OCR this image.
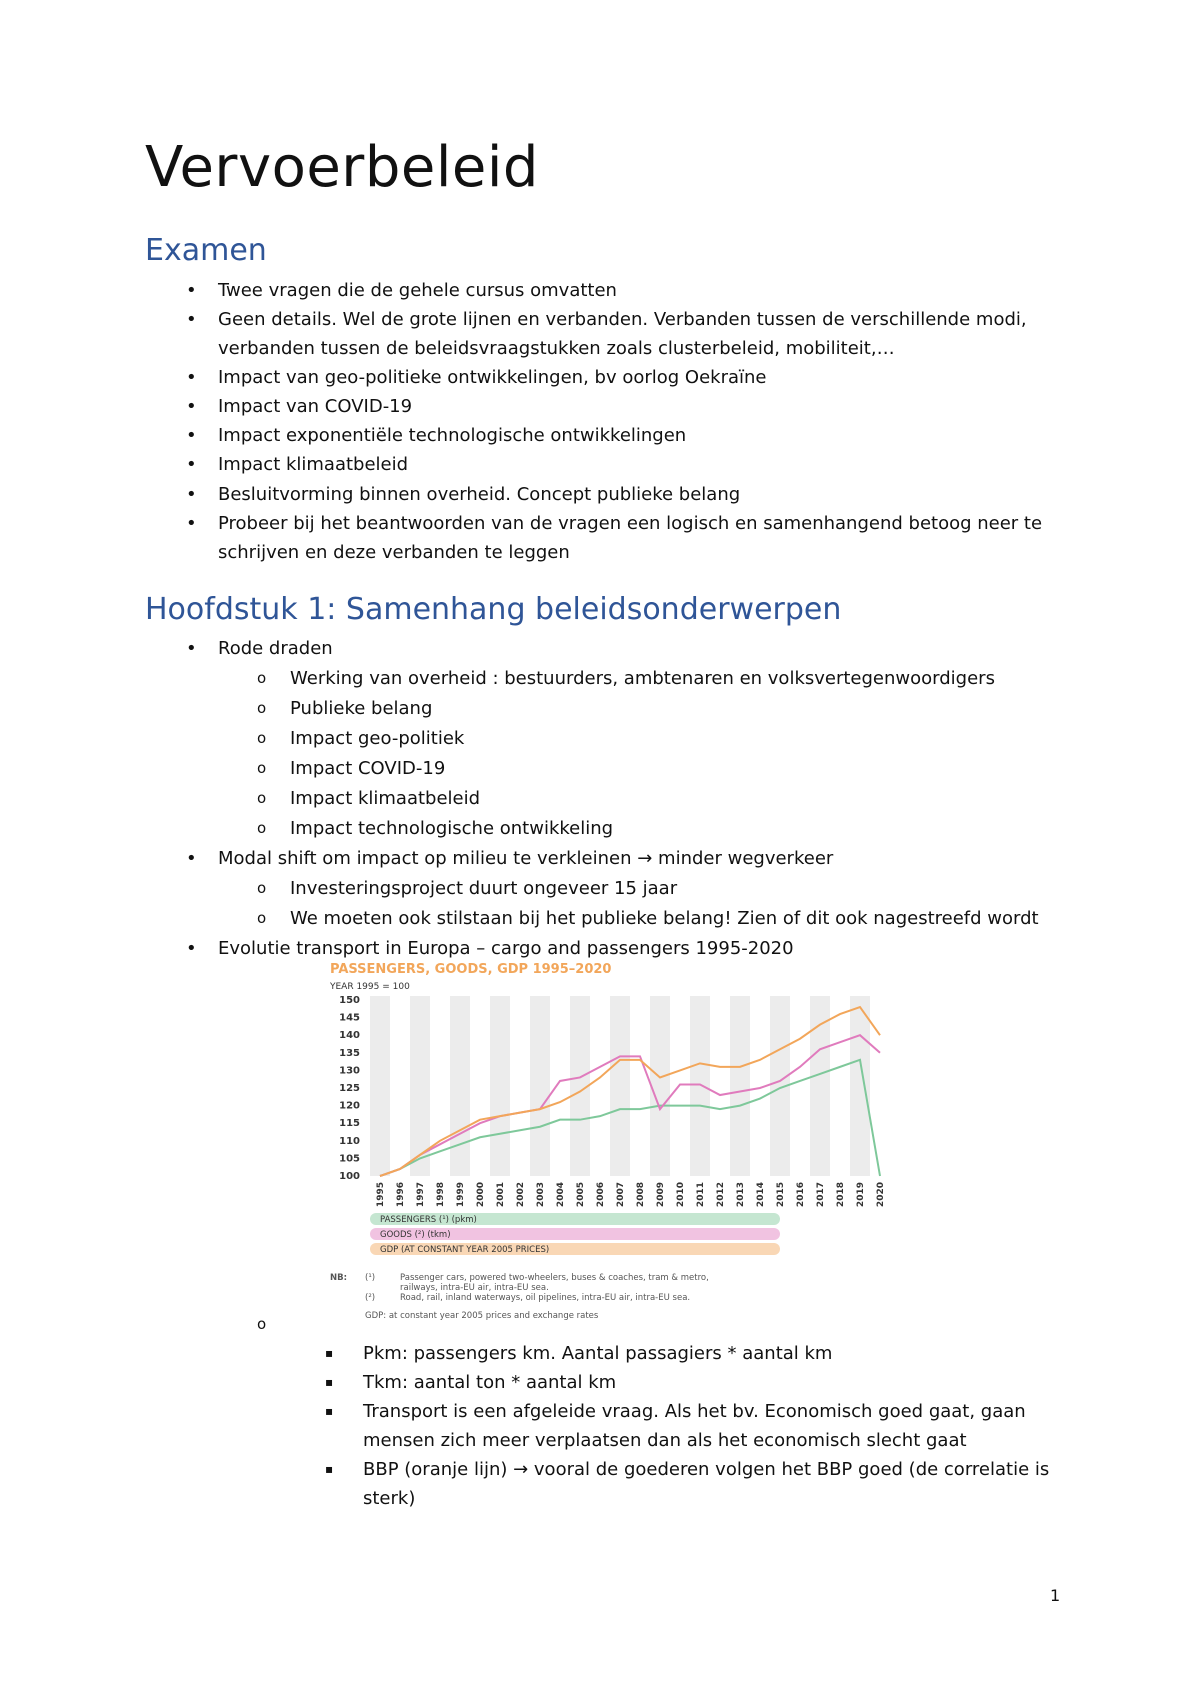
Vervoerbeleid
Examen
• Twee vragen die de gehele cursus omvatten
• Geen details. Wel de grote lijnen en verbanden. Verbanden tussen de verschillende modi,
verbanden tussen de beleidsvraagstukken zoals clusterbeleid, mobiliteit,…
• Impact van geo-politieke ontwikkelingen, bv oorlog Oekraïne
• Impact van COVID-19
• Impact exponentiële technologische ontwikkelingen
• Impact klimaatbeleid
• Besluitvorming binnen overheid. Concept publieke belang
• Probeer bij het beantwoorden van de vragen een logisch en samenhangend betoog neer te
schrijven en deze verbanden te leggen
Hoofdstuk 1: Samenhang beleidsonderwerpen
• Rode draden
o Werking van overheid : bestuurders, ambtenaren en volksvertegenwoordigers
o Publieke belang
o Impact geo-politiek
o Impact COVID-19
o Impact klimaatbeleid
o Impact technologische ontwikkeling
• Modal shift om impact op milieu te verkleinen → minder wegverkeer
o Investeringsproject duurt ongeveer 15 jaar
o We moeten ook stilstaan bij het publieke belang! Zien of dit ook nagestreefd wordt
• Evolutie transport in Europa – cargo and passengers 1995-2020
PASSENGERS, GOODS, GDP 1995–2020
YEAR 1995 = 100
100
105
110
115
120
125
130
135
140
145
150
1995 1996 1997 1998 1999 2000 2001 2002 2003 2004 2005 2006 2007 2008 2009 2010 2011 2012 2013 2014 2015 2016 2017 2018 2019 2020
PASSENGERS (¹) (pkm)
GOODS (²) (tkm)
GDP (AT CONSTANT YEAR 2005 PRICES)
NB: (¹)	Passenger cars, powered two-wheelers, buses & coaches, tram & metro,
railways, intra-EU air, intra-EU sea.
(²)	Road, rail, inland waterways, oil pipelines, intra-EU air, intra-EU sea.
GDP: at constant year 2005 prices and exchange rates
o
▪ Pkm: passengers km. Aantal passagiers * aantal km
▪ Tkm: aantal ton * aantal km
▪ Transport is een afgeleide vraag. Als het bv. Economisch goed gaat, gaan
mensen zich meer verplaatsen dan als het economisch slecht gaat
▪ BBP (oranje lijn) → vooral de goederen volgen het BBP goed (de correlatie is
sterk)
1
